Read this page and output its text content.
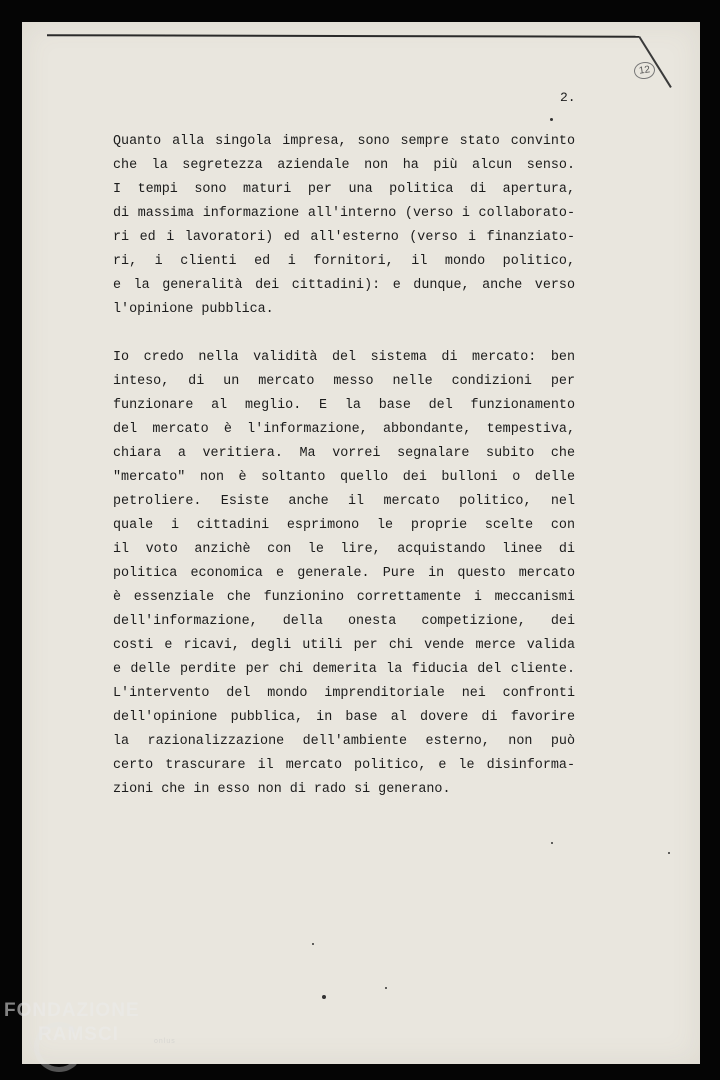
12
2.

Quanto alla singola impresa, sono sempre stato convinto
che la segretezza aziendale non ha più alcun senso.
I tempi sono maturi per una politica di apertura,
di massima informazione all'interno (verso i collaborato-
ri ed i lavoratori) ed all'esterno (verso i finanziato-
ri, i clienti ed i fornitori, il mondo politico,
e la generalità dei cittadini): e dunque, anche verso
l'opinione pubblica.

Io credo nella validità del sistema di mercato: ben
inteso, di un mercato messo nelle condizioni per
funzionare al meglio. E la base del funzionamento
del mercato è l'informazione, abbondante, tempestiva,
chiara a veritiera. Ma vorrei segnalare subito che
"mercato" non è soltanto quello dei bulloni o delle
petroliere. Esiste anche il mercato politico, nel
quale i cittadini esprimono le proprie scelte con
il voto anzichè con le lire, acquistando linee di
politica economica e generale. Pure in questo mercato
è essenziale che funzionino correttamente i meccanismi
dell'informazione, della onesta competizione, dei
costi e ricavi, degli utili per chi vende merce valida
e delle perdite per chi demerita la fiducia del cliente.
L'intervento del mondo imprenditoriale nei confronti
dell'opinione pubblica, in base al dovere di favorire
la razionalizzazione dell'ambiente esterno, non può
certo trascurare il mercato politico, e le disinforma-
zioni che in esso non di rado si generano.

FONDAZIONE
RAMSCI	onlus
